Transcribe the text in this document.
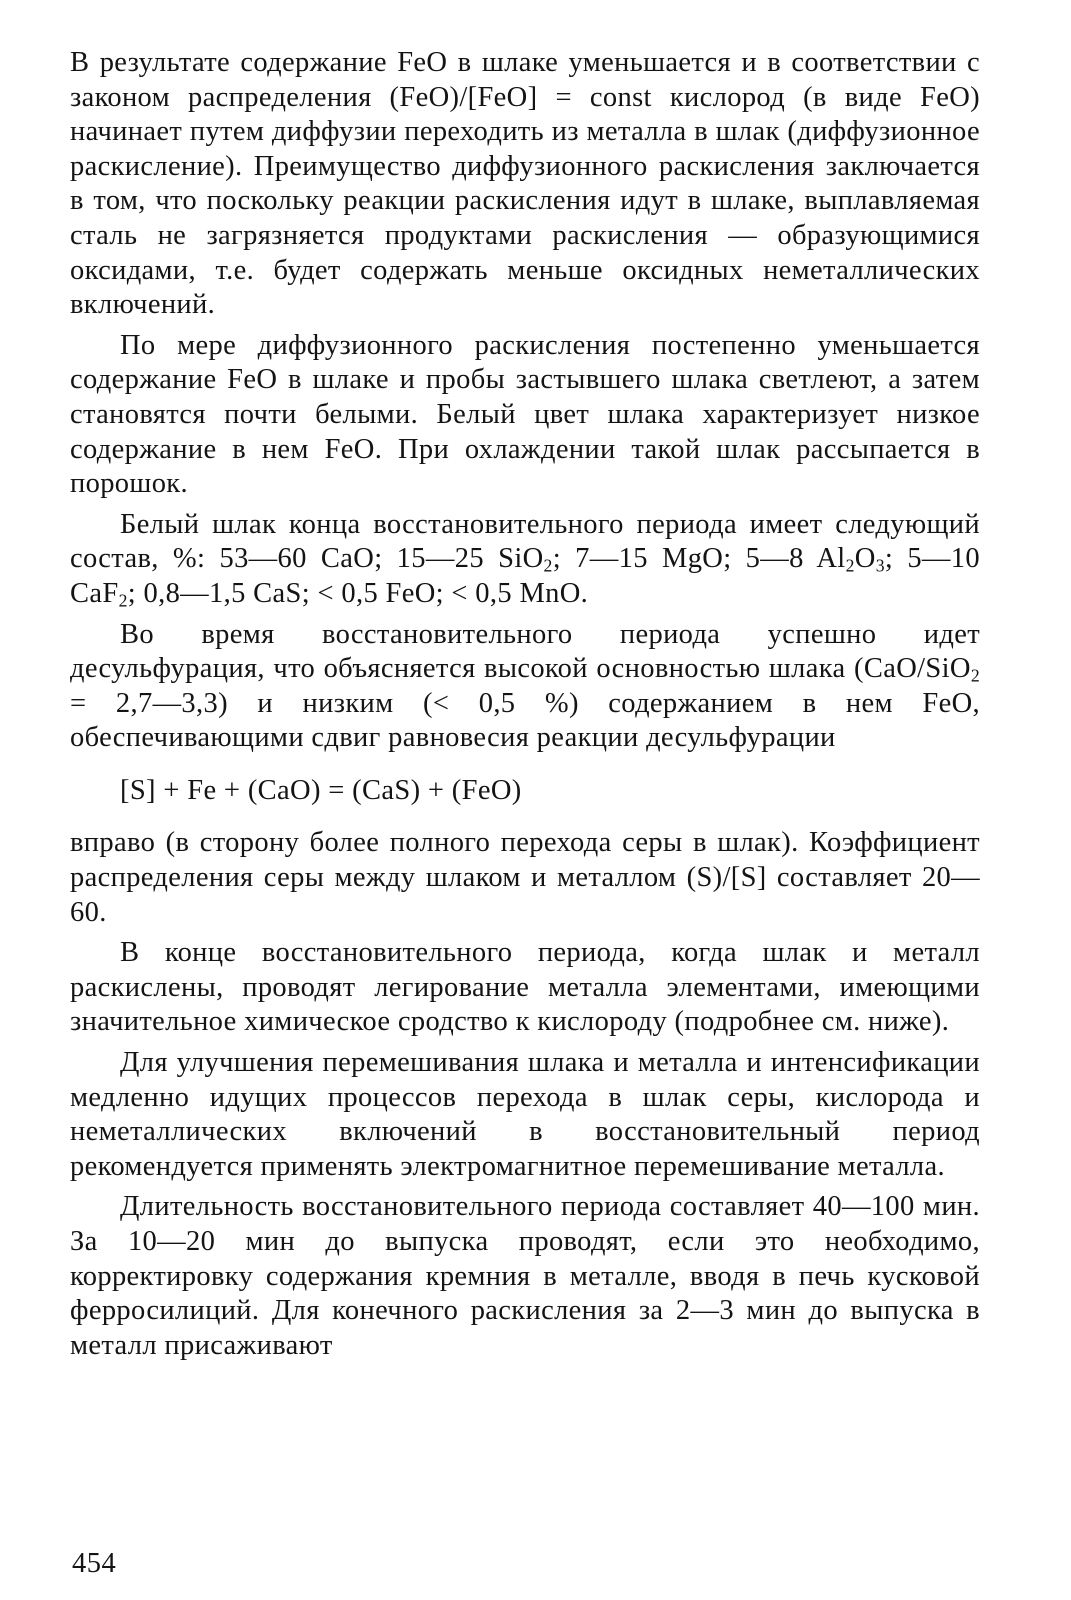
В результате содержание FeO в шлаке уменьшается и в соответствии с законом распределения (FeO)/[FeO] = const кислород (в виде FeO) начинает путем диффузии переходить из металла в шлак (диффузионное раскисление). Преимущество диффузионного раскисления заключается в том, что поскольку реакции раскисления идут в шлаке, выплавляемая сталь не загрязняется продуктами раскисления — образующимися оксидами, т.е. будет содержать меньше оксидных неметаллических включений.

По мере диффузионного раскисления постепенно уменьшается содержание FeO в шлаке и пробы застывшего шлака светлеют, а затем становятся почти белыми. Белый цвет шлака характеризует низкое содержание в нем FeO. При охлаждении такой шлак рассыпается в порошок.

Белый шлак конца восстановительного периода имеет следующий состав, %: 53—60 CaO; 15—25 SiO$_2$; 7—15 MgO; 5—8 $Al_2O_3$; 5—10 CaF$_2$; 0,8—1,5 CaS; < 0,5 FeO; < 0,5 MnO.

Во время восстановительного периода успешно идет десульфурация, что объясняется высокой основностью шлака (CaO/SiO$_2$ = 2,7—3,3) и низким (< 0,5 %) содержанием в нем FeO, обеспечивающими сдвиг равновесия реакции десульфурации

[S] + Fe + (CaO) = (CaS) + (FeO)

вправо (в сторону более полного перехода серы в шлак). Коэффициент распределения серы между шлаком и металлом (S)/[S] составляет 20—60.

В конце восстановительного периода, когда шлак и металл раскислены, проводят легирование металла элементами, имеющими значительное химическое сродство к кислороду (подробнее см. ниже).

Для улучшения перемешивания шлака и металла и интенсификации медленно идущих процессов перехода в шлак серы, кислорода и неметаллических включений в восстановительный период рекомендуется применять электромагнитное перемешивание металла.

Длительность восстановительного периода составляет 40—100 мин. За 10—20 мин до выпуска проводят, если это необходимо, корректировку содержания кремния в металле, вводя в печь кусковой ферросилиций. Для конечного раскисления за 2—3 мин до выпуска в металл присаживают

454
